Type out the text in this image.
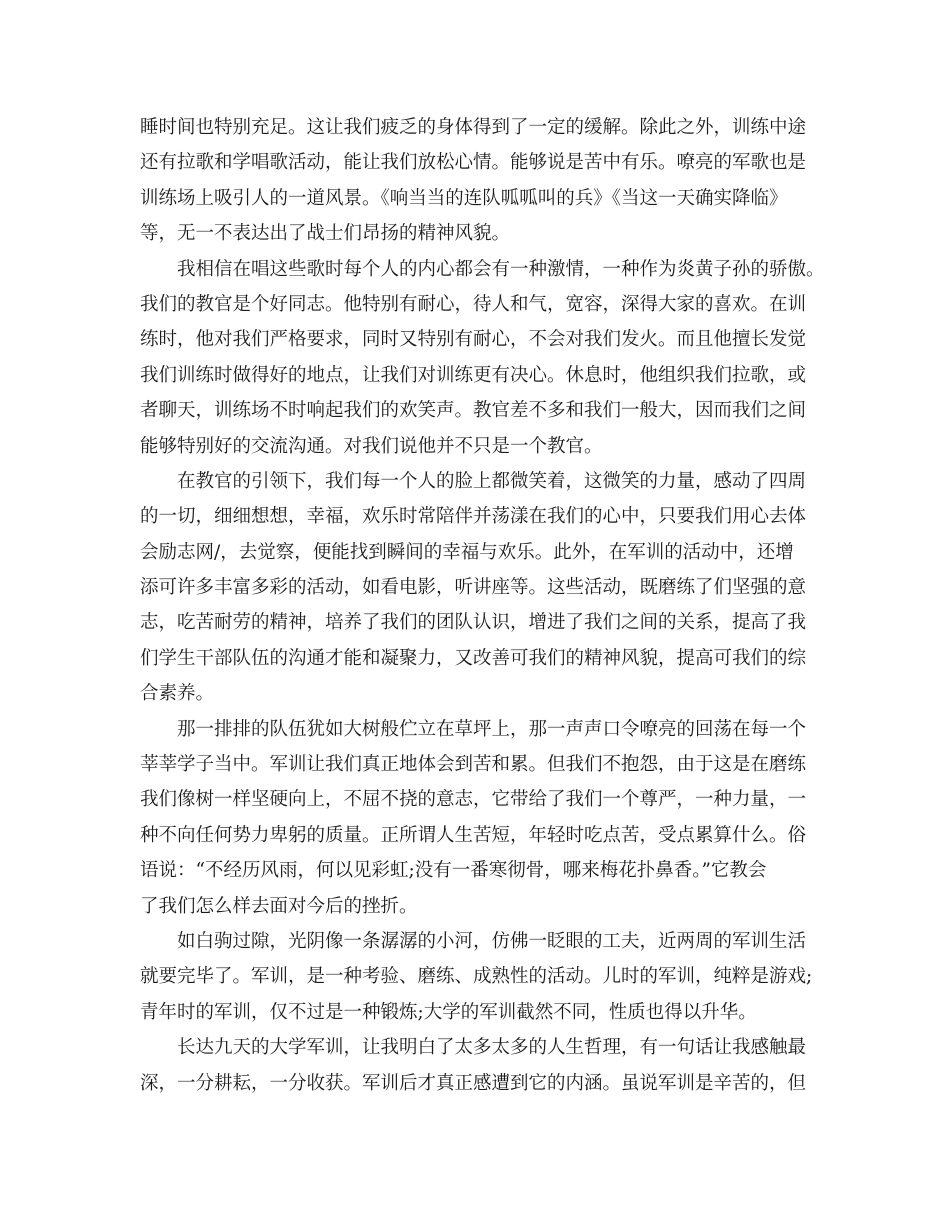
睡时间也特别充足。这让我们疲乏的身体得到了一定的缓解。除此之外，训练中途
还有拉歌和学唱歌活动，能让我们放松心情。能够说是苦中有乐。嘹亮的军歌也是
训练场上吸引人的一道风景。《响当当的连队呱呱叫的兵》《当这一天确实降临》
等，无一不表达出了战士们昂扬的精神风貌。
我相信在唱这些歌时每个人的内心都会有一种激情，一种作为炎黄子孙的骄傲。
我们的教官是个好同志。他特别有耐心，待人和气，宽容，深得大家的喜欢。在训
练时，他对我们严格要求，同时又特别有耐心，不会对我们发火。而且他擅长发觉
我们训练时做得好的地点，让我们对训练更有决心。休息时，他组织我们拉歌，或
者聊天，训练场不时响起我们的欢笑声。教官差不多和我们一般大，因而我们之间
能够特别好的交流沟通。对我们说他并不只是一个教官。
在教官的引领下，我们每一个人的脸上都微笑着，这微笑的力量，感动了四周
的一切，细细想想，幸福，欢乐时常陪伴并荡漾在我们的心中，只要我们用心去体
会励志网/，去觉察，便能找到瞬间的幸福与欢乐。此外，在军训的活动中，还增
添可许多丰富多彩的活动，如看电影，听讲座等。这些活动，既磨练了们坚强的意
志，吃苦耐劳的精神，培养了我们的团队认识，增进了我们之间的关系，提高了我
们学生干部队伍的沟通才能和凝聚力，又改善可我们的精神风貌，提高可我们的综
合素养。
那一排排的队伍犹如大树般伫立在草坪上，那一声声口令嘹亮的回荡在每一个
莘莘学子当中。军训让我们真正地体会到苦和累。但我们不抱怨，由于这是在磨练
我们像树一样坚硬向上，不屈不挠的意志，它带给了我们一个尊严，一种力量，一
种不向任何势力卑躬的质量。正所谓人生苦短，年轻时吃点苦，受点累算什么。俗
语说：“不经历风雨，何以见彩虹;没有一番寒彻骨，哪来梅花扑鼻香。”它教会
了我们怎么样去面对今后的挫折。
如白驹过隙，光阴像一条潺潺的小河，仿佛一眨眼的工夫，近两周的军训生活
就要完毕了。军训，是一种考验、磨练、成熟性的活动。儿时的军训，纯粹是游戏;
青年时的军训，仅不过是一种锻炼;大学的军训截然不同，性质也得以升华。
长达九天的大学军训，让我明白了太多太多的人生哲理，有一句话让我感触最
深，一分耕耘，一分收获。军训后才真正感遭到它的内涵。虽说军训是辛苦的，但
